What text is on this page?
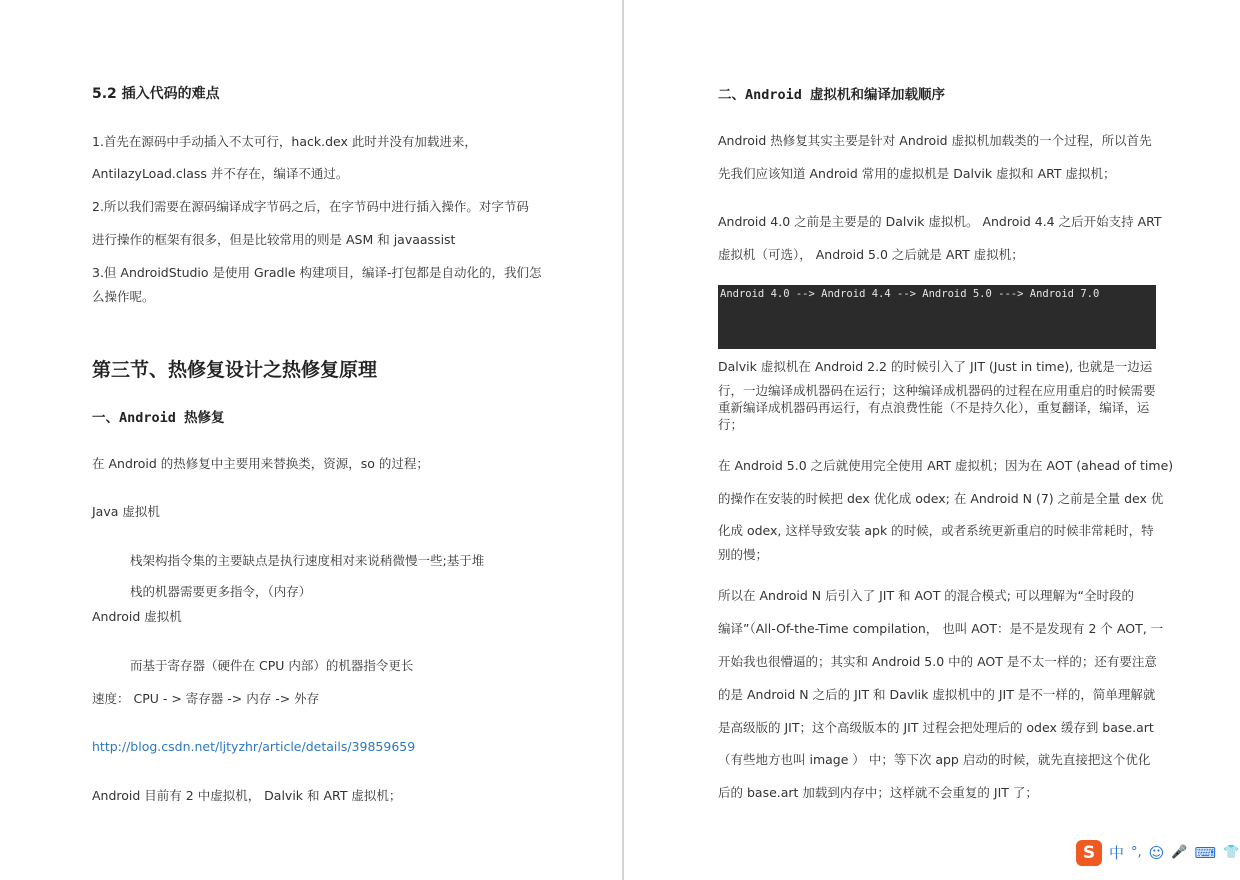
5.2 插入代码的难点
1.首先在源码中手动插入不太可行，hack.dex 此时并没有加载进来，
AntilazyLoad.class 并不存在，编译不通过。
2.所以我们需要在源码编译成字节码之后，在字节码中进行插入操作。对字节码
进行操作的框架有很多，但是比较常用的则是 ASM 和 javaassist
3.但 AndroidStudio 是使用 Gradle 构建项目，编译-打包都是自动化的，我们怎
么操作呢。
第三节、热修复设计之热修复原理
一、Android 热修复
在 Android 的热修复中主要用来替换类，资源，so 的过程；
Java 虚拟机
栈架构指令集的主要缺点是执行速度相对来说稍微慢一些;基于堆
栈的机器需要更多指令，（内存）
Android 虚拟机
而基于寄存器（硬件在 CPU 内部）的机器指令更长
速度： CPU - > 寄存器 -> 内存 -> 外存
http://blog.csdn.net/ljtyzhr/article/details/39859659
Android 目前有 2 中虚拟机， Dalvik 和 ART 虚拟机；
二、Android 虚拟机和编译加载顺序
Android 热修复其实主要是针对 Android 虚拟机加载类的一个过程，所以首先
先我们应该知道 Android 常用的虚拟机是 Dalvik 虚拟和 ART 虚拟机；
Android 4.0 之前是主要是的 Dalvik 虚拟机。 Android 4.4 之后开始支持 ART
虚拟机（可选）， Android 5.0 之后就是 ART 虚拟机；
Android 4.0 --> Android 4.4 --> Android 5.0 ---> Android 7.0
Dalvik 虚拟机在 Android 2.2 的时候引入了 JIT (Just in time), 也就是一边运
行，一边编译成机器码在运行；这种编译成机器码的过程在应用重启的时候需要
重新编译成机器码再运行，有点浪费性能（不是持久化），重复翻译，编译，运
行；
在 Android 5.0 之后就使用完全使用 ART 虚拟机；因为在 AOT (ahead of time)
的操作在安装的时候把 dex 优化成 odex; 在 Android N (7) 之前是全量 dex 优
化成 odex, 这样导致安装 apk 的时候，或者系统更新重启的时候非常耗时，特
别的慢；
所以在 Android N 后引入了 JIT 和 AOT 的混合模式; 可以理解为“全时段的
编译”（All-Of-the-Time compilation， 也叫 AOT：是不是发现有 2 个 AOT, 一
开始我也很懵逼的；其实和 Android 5.0 中的 AOT 是不太一样的；还有要注意
的是 Android N 之后的 JIT 和 Davlik 虚拟机中的 JIT 是不一样的，简单理解就
是高级版的 JIT；这个高级版本的 JIT 过程会把处理后的 odex 缓存到 base.art
（有些地方也叫 image ） 中；等下次 app 启动的时候，就先直接把这个优化
后的 base.art 加载到内存中；这样就不会重复的 JIT 了；
S 中 °, ☺ 🎤 ⌨ 👕
